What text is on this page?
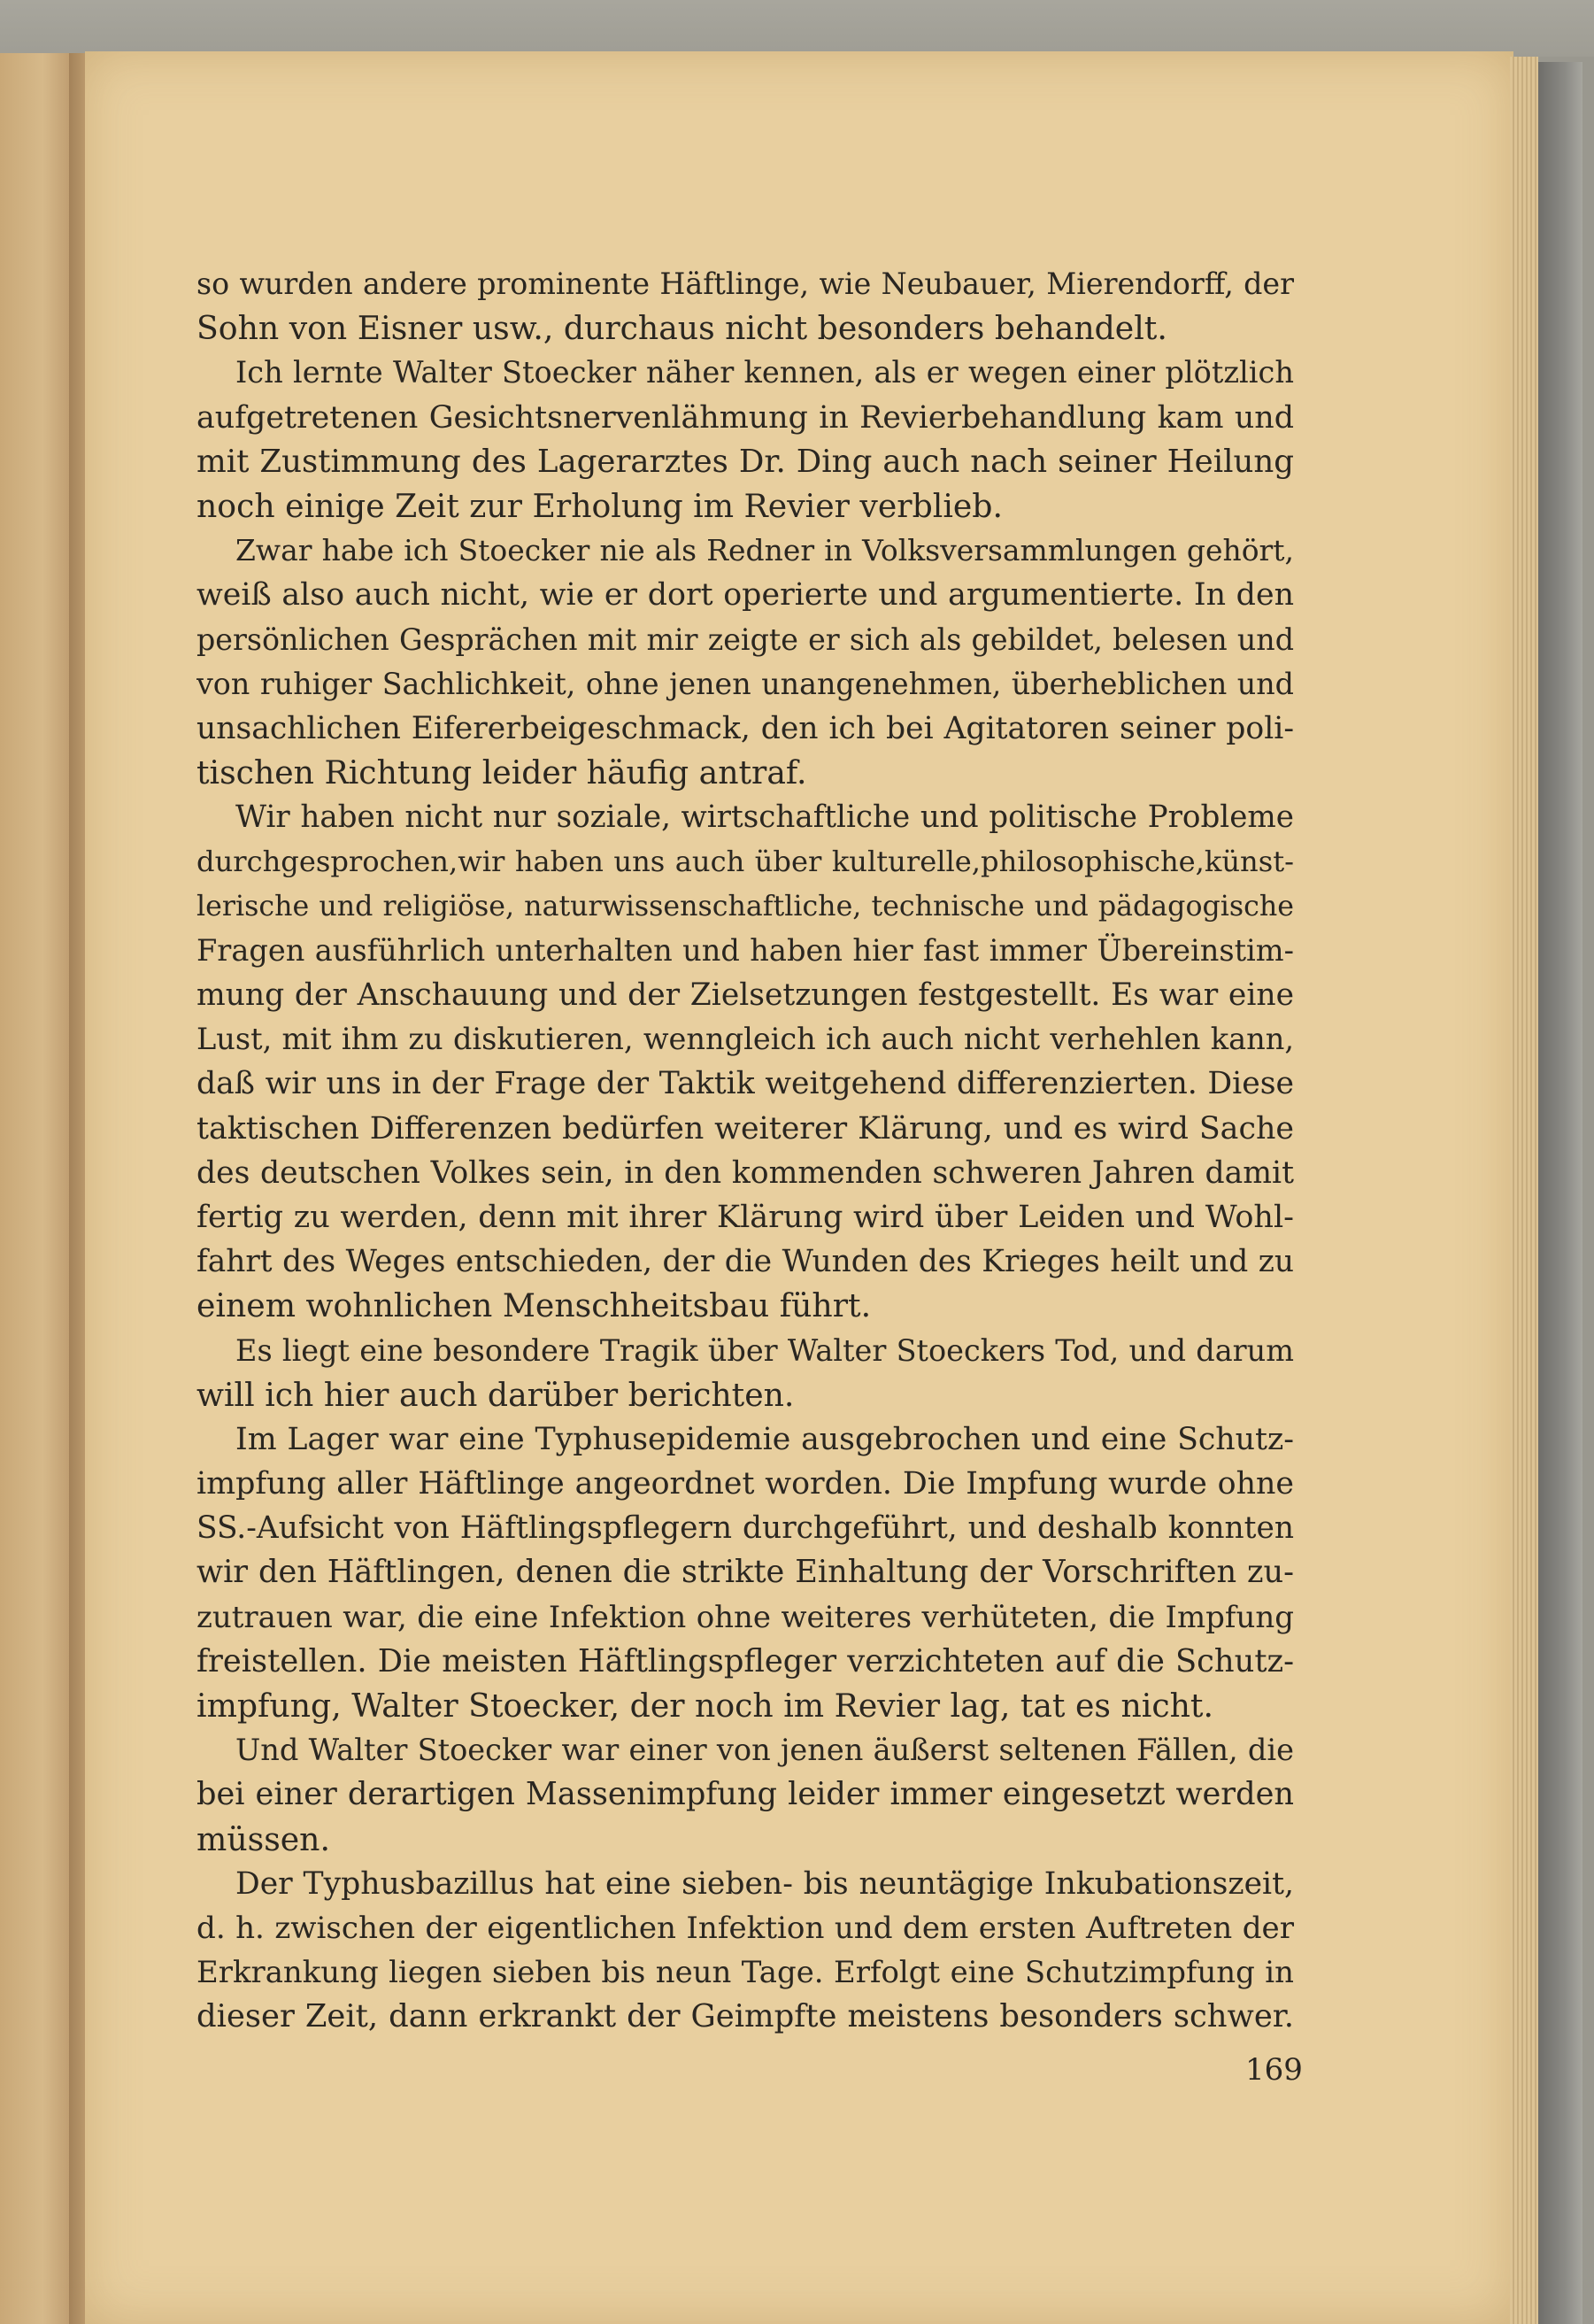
so wurden andere prominente Häftlinge, wie Neubauer, Mierendorff, der
Sohn von Eisner usw., durchaus nicht besonders behandelt.
Ich lernte Walter Stoecker näher kennen, als er wegen einer plötzlich
aufgetretenen Gesichtsnervenlähmung in Revierbehandlung kam und
mit Zustimmung des Lagerarztes Dr. Ding auch nach seiner Heilung
noch einige Zeit zur Erholung im Revier verblieb.
Zwar habe ich Stoecker nie als Redner in Volksversammlungen gehört,
weiß also auch nicht, wie er dort operierte und argumentierte. In den
persönlichen Gesprächen mit mir zeigte er sich als gebildet, belesen und
von ruhiger Sachlichkeit, ohne jenen unangenehmen, überheblichen und
unsachlichen Eifererbeigeschmack, den ich bei Agitatoren seiner poli-
tischen Richtung leider häufig antraf.
Wir haben nicht nur soziale, wirtschaftliche und politische Probleme
durchgesprochen,wir haben uns auch über kulturelle,philosophische,künst-
lerische und religiöse, naturwissenschaftliche, technische und pädagogische
Fragen ausführlich unterhalten und haben hier fast immer Übereinstim-
mung der Anschauung und der Zielsetzungen festgestellt. Es war eine
Lust, mit ihm zu diskutieren, wenngleich ich auch nicht verhehlen kann,
daß wir uns in der Frage der Taktik weitgehend differenzierten. Diese
taktischen Differenzen bedürfen weiterer Klärung, und es wird Sache
des deutschen Volkes sein, in den kommenden schweren Jahren damit
fertig zu werden, denn mit ihrer Klärung wird über Leiden und Wohl-
fahrt des Weges entschieden, der die Wunden des Krieges heilt und zu
einem wohnlichen Menschheitsbau führt.
Es liegt eine besondere Tragik über Walter Stoeckers Tod, und darum
will ich hier auch darüber berichten.
Im Lager war eine Typhusepidemie ausgebrochen und eine Schutz-
impfung aller Häftlinge angeordnet worden. Die Impfung wurde ohne
SS.-Aufsicht von Häftlingspflegern durchgeführt, und deshalb konnten
wir den Häftlingen, denen die strikte Einhaltung der Vorschriften zu-
zutrauen war, die eine Infektion ohne weiteres verhüteten, die Impfung
freistellen. Die meisten Häftlingspfleger verzichteten auf die Schutz-
impfung, Walter Stoecker, der noch im Revier lag, tat es nicht.
Und Walter Stoecker war einer von jenen äußerst seltenen Fällen, die
bei einer derartigen Massenimpfung leider immer eingesetzt werden
müssen.
Der Typhusbazillus hat eine sieben- bis neuntägige Inkubationszeit,
d. h. zwischen der eigentlichen Infektion und dem ersten Auftreten der
Erkrankung liegen sieben bis neun Tage. Erfolgt eine Schutzimpfung in
dieser Zeit, dann erkrankt der Geimpfte meistens besonders schwer.
169
